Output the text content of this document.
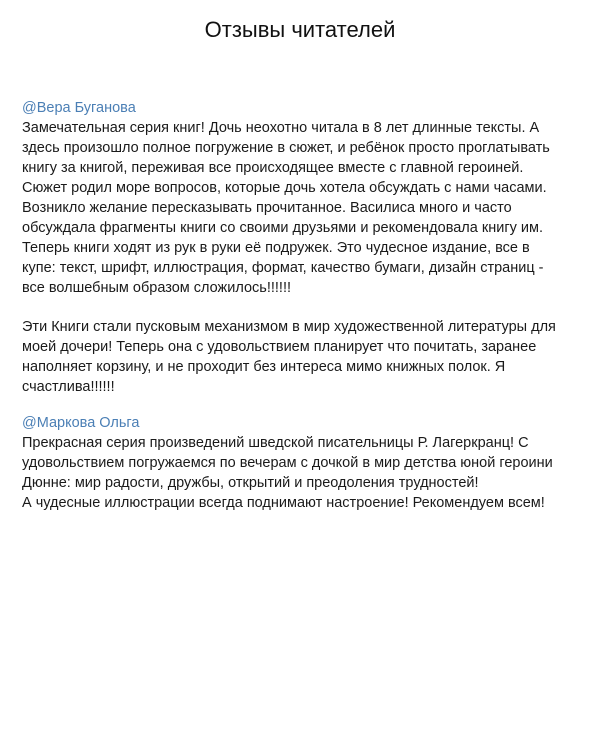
Отзывы читателей
@Вера Буганова

Замечательная серия книг! Дочь неохотно читала в 8 лет длинные тексты. А
здесь произошло полное погружение в сюжет, и ребёнок просто проглатывать
книгу за книгой, переживая все происходящее вместе с главной героиней.
Сюжет родил море вопросов, которые дочь хотела обсуждать с нами часами.
Возникло желание пересказывать прочитанное. Василиса много и часто
обсуждала фрагменты книги со своими друзьями и рекомендовала книгу им.
Теперь книги ходят из рук в руки её подружек. Это чудесное издание, все в
купе: текст, шрифт, иллюстрация, формат, качество бумаги, дизайн страниц -
все волшебным образом сложилось!!!!!!

Эти Книги стали пусковым механизмом в мир художественной литературы для
моей дочери! Теперь она с удовольствием планирует что почитать, заранее
наполняет корзину, и не проходит без интереса мимо книжных полок. Я
счастлива!!!!!!

@Маркова Ольга

Прекрасная серия произведений шведской писательницы Р. Лагеркранц! С
удовольствием погружаемся по вечерам с дочкой в мир детства юной героини
Дюнне: мир радости, дружбы, открытий и преодоления трудностей!
А чудесные иллюстрации всегда поднимают настроение! Рекомендуем всем!
